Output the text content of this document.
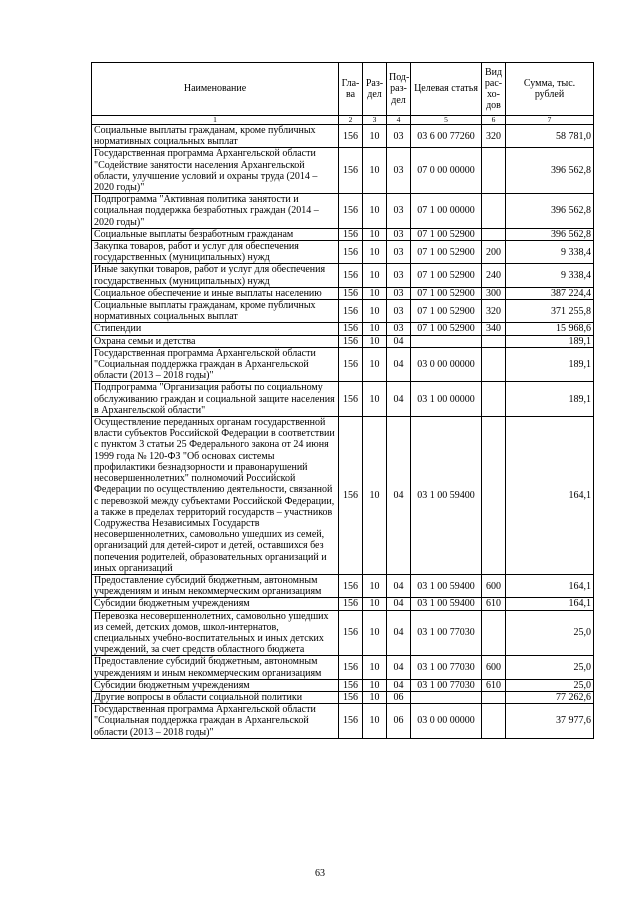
Наименование	Гла-ва	Раз-дел	Под-раз-дел	Целевая статья	Вид рас-хо-дов	Сумма, тыс. рублей
1	2	3	4	5	6	7
Социальные выплаты гражданам, кроме публичных нормативных социальных выплат	156	10	03	03 6 00 77260	320	58 781,0
Государственная программа Архангельской области "Содействие занятости населения Архангельской области, улучшение условий и охраны труда (2014 – 2020 годы)"	156	10	03	07 0 00 00000		396 562,8
Подпрограмма "Активная политика занятости и социальная поддержка безработных граждан (2014 – 2020 годы)"	156	10	03	07 1 00 00000		396 562,8
Социальные выплаты безработным гражданам	156	10	03	07 1 00 52900		396 562,8
Закупка товаров, работ и услуг для обеспечения государственных (муниципальных) нужд	156	10	03	07 1 00 52900	200	9 338,4
Иные закупки товаров, работ и услуг для обеспечения государственных (муниципальных) нужд	156	10	03	07 1 00 52900	240	9 338,4
Социальное обеспечение и иные выплаты населению	156	10	03	07 1 00 52900	300	387 224,4
Социальные выплаты гражданам, кроме публичных нормативных социальных выплат	156	10	03	07 1 00 52900	320	371 255,8
Стипендии	156	10	03	07 1 00 52900	340	15 968,6
Охрана семьи и детства	156	10	04			189,1
Государственная программа Архангельской области "Социальная поддержка граждан в Архангельской области (2013 – 2018 годы)"	156	10	04	03 0 00 00000		189,1
Подпрограмма "Организация работы по социальному обслуживанию граждан и социальной защите населения в Архангельской области"	156	10	04	03 1 00 00000		189,1
Осуществление переданных органам государственной власти субъектов Российской Федерации в соответствии с пунктом 3 статьи 25 Федерального закона от 24 июня 1999 года № 120-ФЗ "Об основах системы профилактики безнадзорности и правонарушений несовершеннолетних" полномочий Российской Федерации по осуществлению деятельности, связанной с перевозкой между субъектами Российской Федерации, а также в пределах территорий государств – участников Содружества Независимых Государств несовершеннолетних, самовольно ушедших из семей, организаций для детей-сирот и детей, оставшихся без попечения родителей, образовательных организаций и иных организаций	156	10	04	03 1 00 59400		164,1
Предоставление субсидий бюджетным, автономным учреждениям и иным некоммерческим организациям	156	10	04	03 1 00 59400	600	164,1
Субсидии бюджетным учреждениям	156	10	04	03 1 00 59400	610	164,1
Перевозка несовершеннолетних, самовольно ушедших из семей, детских домов, школ-интернатов, специальных учебно-воспитательных и иных детских учреждений, за счет средств областного бюджета	156	10	04	03 1 00 77030		25,0
Предоставление субсидий бюджетным, автономным учреждениям и иным некоммерческим организациям	156	10	04	03 1 00 77030	600	25,0
Субсидии бюджетным учреждениям	156	10	04	03 1 00 77030	610	25,0
Другие вопросы в области социальной политики	156	10	06			77 262,6
Государственная программа Архангельской области "Социальная поддержка граждан в Архангельской области (2013 – 2018 годы)"	156	10	06	03 0 00 00000		37 977,6
63
